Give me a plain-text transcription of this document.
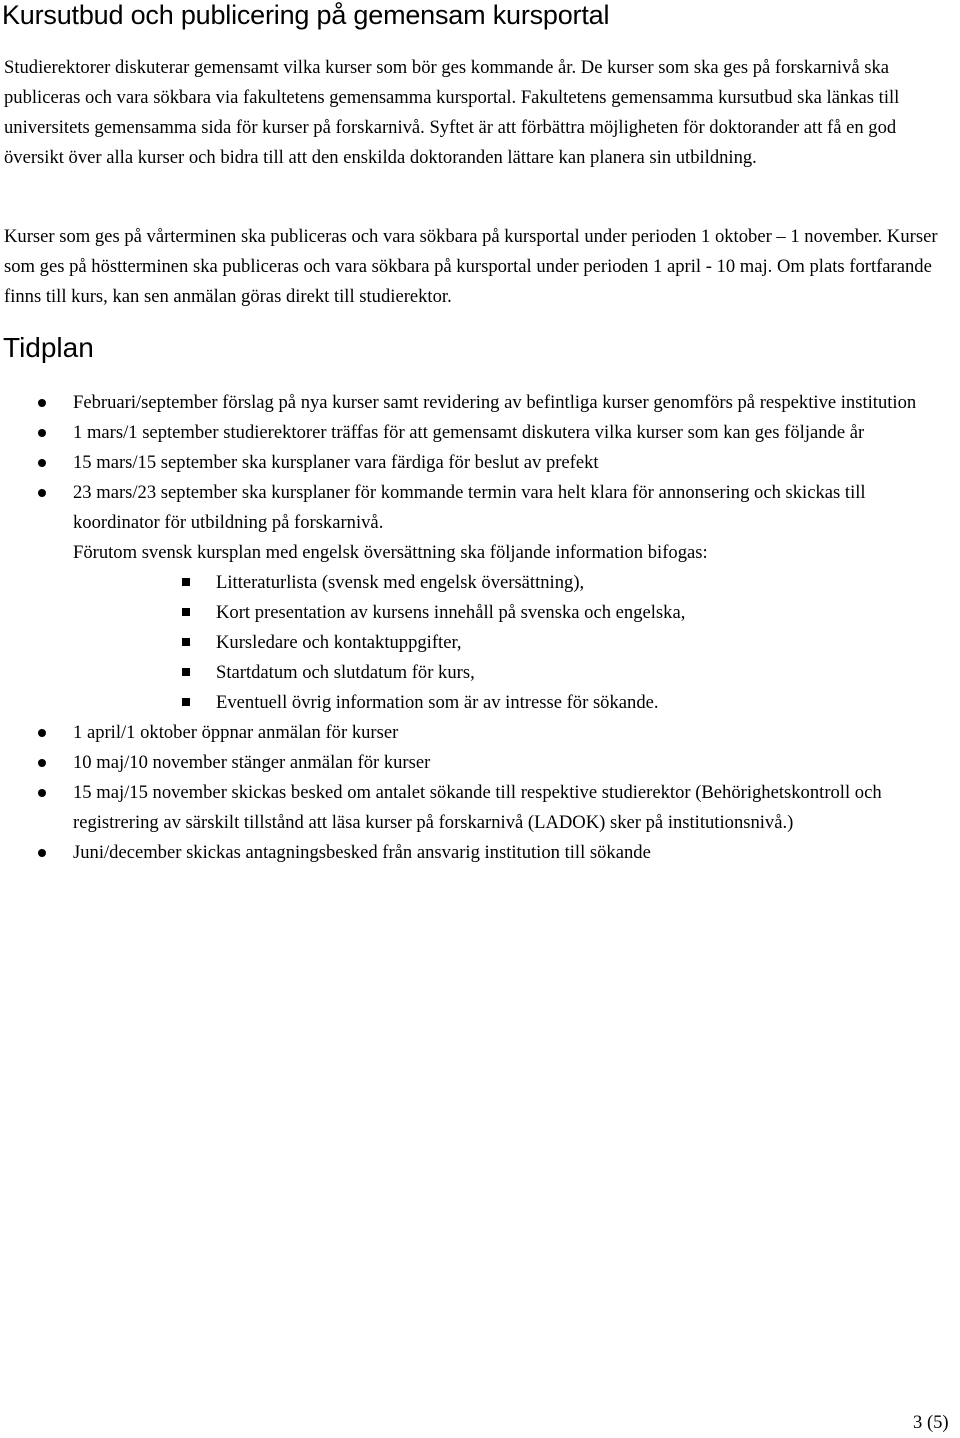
Kursutbud och publicering på gemensam kursportal

Studierektorer diskuterar gemensamt vilka kurser som bör ges kommande år. De kurser som ska ges på forskarnivå ska publiceras och vara sökbara via fakultetens gemensamma kursportal. Fakultetens gemensamma kursutbud ska länkas till universitets gemensamma sida för kurser på forskarnivå. Syftet är att förbättra möjligheten för doktorander att få en god översikt över alla kurser och bidra till att den enskilda doktoranden lättare kan planera sin utbildning.

Kurser som ges på vårterminen ska publiceras och vara sökbara på kursportal under perioden 1 oktober – 1 november. Kurser som ges på höstterminen ska publiceras och vara sökbara på kursportal under perioden 1 april - 10 maj. Om plats fortfarande finns till kurs, kan sen anmälan göras direkt till studierektor.

Tidplan
Februari/september förslag på nya kurser samt revidering av befintliga kurser genomförs på respektive institution
1 mars/1 september studierektorer träffas för att gemensamt diskutera vilka kurser som kan ges följande år
15 mars/15 september ska kursplaner vara färdiga för beslut av prefekt
23 mars/23 september ska kursplaner för kommande termin vara helt klara för annonsering och skickas till koordinator för utbildning på forskarnivå.
Förutom svensk kursplan med engelsk översättning ska följande information bifogas:
Litteraturlista (svensk med engelsk översättning),
Kort presentation av kursens innehåll på svenska och engelska,
Kursledare och kontaktuppgifter,
Startdatum och slutdatum för kurs,
Eventuell övrig information som är av intresse för sökande.
1 april/1 oktober öppnar anmälan för kurser
10 maj/10 november stänger anmälan för kurser
15 maj/15 november skickas besked om antalet sökande till respektive studierektor (Behörighetskontroll och registrering av särskilt tillstånd att läsa kurser på forskarnivå (LADOK) sker på institutionsnivå.)
Juni/december skickas antagningsbesked från ansvarig institution till sökande

3 (5)
